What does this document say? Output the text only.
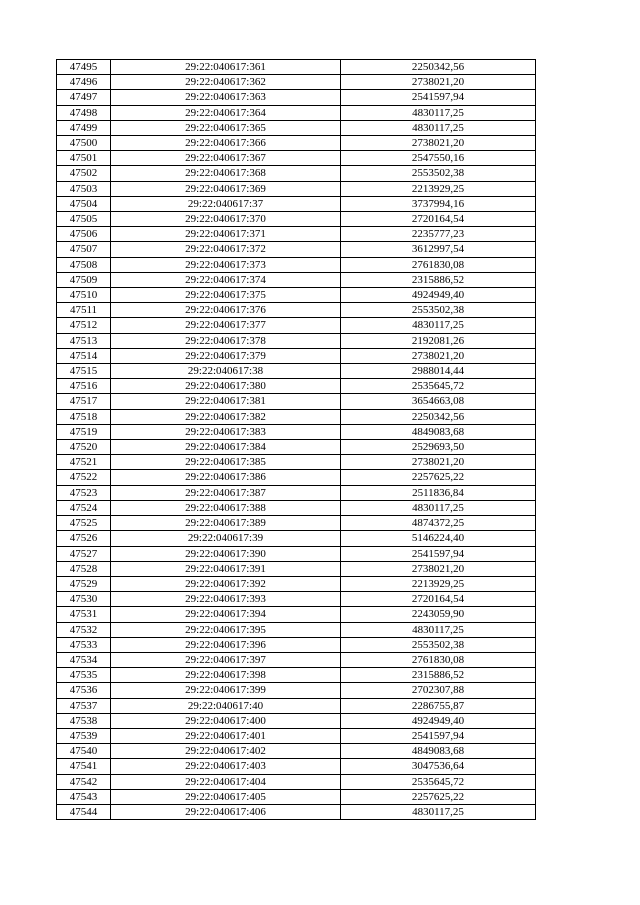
47495	29:22:040617:361	2250342,56
47496	29:22:040617:362	2738021,20
47497	29:22:040617:363	2541597,94
47498	29:22:040617:364	4830117,25
47499	29:22:040617:365	4830117,25
47500	29:22:040617:366	2738021,20
47501	29:22:040617:367	2547550,16
47502	29:22:040617:368	2553502,38
47503	29:22:040617:369	2213929,25
47504	29:22:040617:37	3737994,16
47505	29:22:040617:370	2720164,54
47506	29:22:040617:371	2235777,23
47507	29:22:040617:372	3612997,54
47508	29:22:040617:373	2761830,08
47509	29:22:040617:374	2315886,52
47510	29:22:040617:375	4924949,40
47511	29:22:040617:376	2553502,38
47512	29:22:040617:377	4830117,25
47513	29:22:040617:378	2192081,26
47514	29:22:040617:379	2738021,20
47515	29:22:040617:38	2988014,44
47516	29:22:040617:380	2535645,72
47517	29:22:040617:381	3654663,08
47518	29:22:040617:382	2250342,56
47519	29:22:040617:383	4849083,68
47520	29:22:040617:384	2529693,50
47521	29:22:040617:385	2738021,20
47522	29:22:040617:386	2257625,22
47523	29:22:040617:387	2511836,84
47524	29:22:040617:388	4830117,25
47525	29:22:040617:389	4874372,25
47526	29:22:040617:39	5146224,40
47527	29:22:040617:390	2541597,94
47528	29:22:040617:391	2738021,20
47529	29:22:040617:392	2213929,25
47530	29:22:040617:393	2720164,54
47531	29:22:040617:394	2243059,90
47532	29:22:040617:395	4830117,25
47533	29:22:040617:396	2553502,38
47534	29:22:040617:397	2761830,08
47535	29:22:040617:398	2315886,52
47536	29:22:040617:399	2702307,88
47537	29:22:040617:40	2286755,87
47538	29:22:040617:400	4924949,40
47539	29:22:040617:401	2541597,94
47540	29:22:040617:402	4849083,68
47541	29:22:040617:403	3047536,64
47542	29:22:040617:404	2535645,72
47543	29:22:040617:405	2257625,22
47544	29:22:040617:406	4830117,25
